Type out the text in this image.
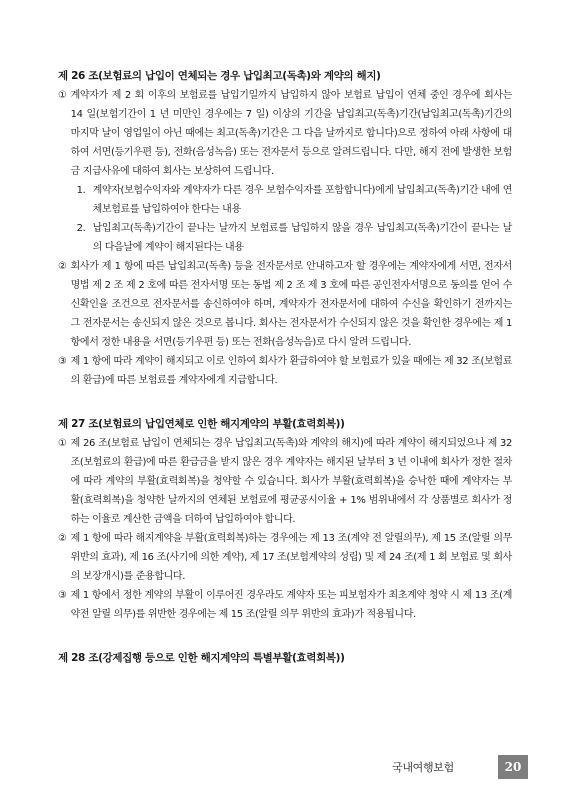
제 26 조(보험료의 납입이 연체되는 경우 납입최고(독촉)와 계약의 해지)

① 계약자가 제 2 회 이후의 보험료를 납입기일까지 납입하지 않아 보험료 납입이 연체 중인 경우에 회사는 14 일(보험기간이 1 년 미만인 경우에는 7 일) 이상의 기간을 납입최고(독촉)기간(납입최고(독촉)기간의 마지막 날이 영업일이 아닌 때에는 최고(독촉)기간은 그 다음 날까지로 합니다)으로 정하여 아래 사항에 대하여 서면(등기우편 등), 전화(음성녹음) 또는 전자문서 등으로 알려드립니다. 다만, 해지 전에 발생한 보험금 지급사유에 대하여 회사는 보상하여 드립니다.
1. 계약자(보험수익자와 계약자가 다른 경우 보험수익자를 포함합니다)에게 납입최고(독촉)기간 내에 연체보험료를 납입하여야 한다는 내용
2. 납입최고(독촉)기간이 끝나는 날까지 보험료를 납입하지 않을 경우 납입최고(독촉)기간이 끝나는 날의 다음날에 계약이 해지된다는 내용
② 회사가 제 1 항에 따른 납입최고(독촉) 등을 전자문서로 안내하고자 할 경우에는 계약자에게 서면, 전자서명법 제 2 조 제 2 호에 따른 전자서명 또는 동법 제 2 조 제 3 호에 따른 공인전자서명으로 동의를 얻어 수신확인을 조건으로 전자문서를 송신하여야 하며, 계약자가 전자문서에 대하여 수신을 확인하기 전까지는 그 전자문서는 송신되지 않은 것으로 봅니다. 회사는 전자문서가 수신되지 않은 것을 확인한 경우에는 제 1 항에서 정한 내용을 서면(등기우편 등) 또는 전화(음성녹음)로 다시 알려 드립니다.
③ 제 1 항에 따라 계약이 해지되고 이로 인하여 회사가 환급하여야 할 보험료가 있을 때에는 제 32 조(보험료의 환급)에 따른 보험료를 계약자에게 지급합니다.

제 27 조(보험료의 납입연체로 인한 해지계약의 부활(효력회복))

① 제 26 조(보험료 납입이 연체되는 경우 납입최고(독촉)와 계약의 해지)에 따라 계약이 해지되었으나 제 32 조(보험료의 환급)에 따른 환급금을 받지 않은 경우 계약자는 해지된 날부터 3 년 이내에 회사가 정한 절차에 따라 계약의 부활(효력회복)을 청약할 수 있습니다. 회사가 부활(효력회복)을 승낙한 때에 계약자는 부활(효력회복)을 청약한 날까지의 연체된 보험료에 평균공시이율 + 1% 범위내에서 각 상품별로 회사가 정하는 이율로 계산한 금액을 더하여 납입하여야 합니다.
② 제 1 항에 따라 해지계약을 부활(효력회복)하는 경우에는 제 13 조(계약 전 알릴의무), 제 15 조(알릴 의무 위반의 효과), 제 16 조(사기에 의한 계약), 제 17 조(보험계약의 성립) 및 제 24 조(제 1 회 보험료 및 회사의 보장개시)를 준용합니다.
③ 제 1 항에서 정한 계약의 부활이 이루어진 경우라도 계약자 또는 피보험자가 최초계약 청약 시 제 13 조(계약전 알릴 의무)를 위반한 경우에는 제 15 조(알릴 의무 위반의 효과)가 적용됩니다.

제 28 조(강제집행 등으로 인한 해지계약의 특별부활(효력회복))

국내여행보험	20
